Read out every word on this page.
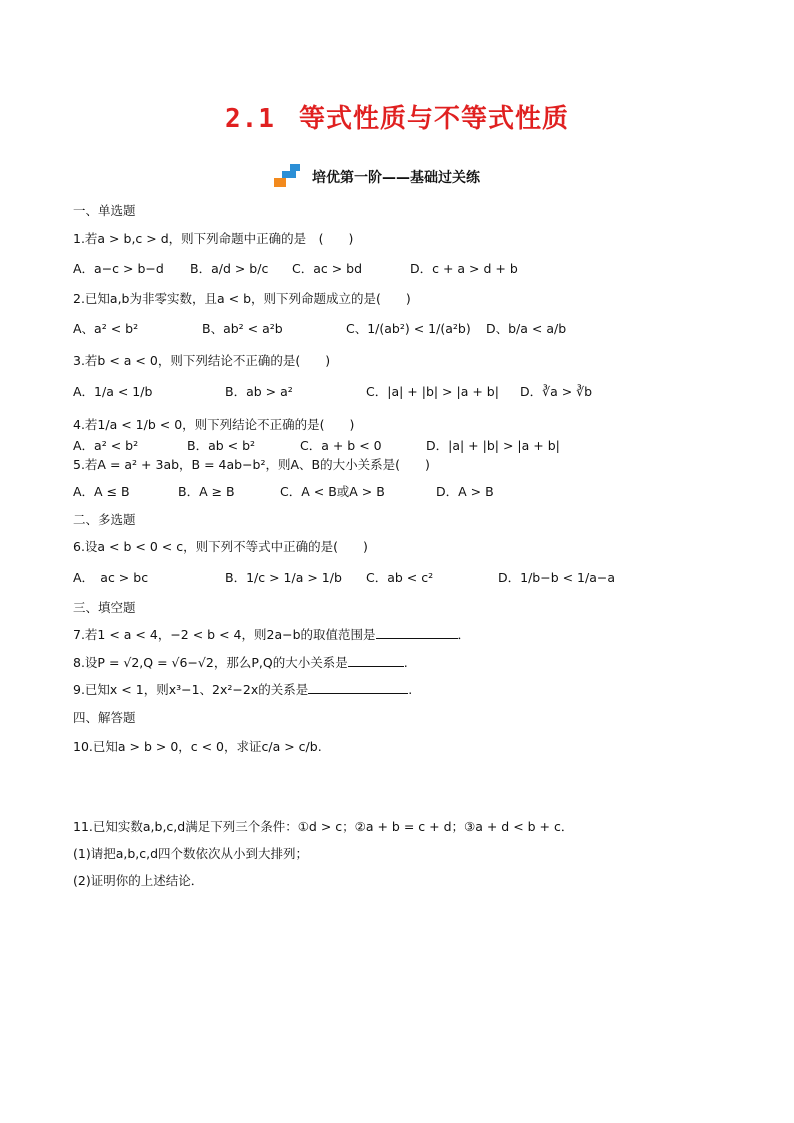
2.1 等式性质与不等式性质
培优第一阶——基础过关练
一、单选题
1.若a > b,c > d，则下列命题中正确的是　(　　)
A．a−c > b−d B．a/d > b/c C．ac > bd	D．c + a > d + b
2.已知a,b为非零实数，且a < b，则下列命题成立的是(　　)
A、a² < b²	B、ab² < a²b	C、1/(ab²) < 1/(a²b) D、b/a < a/b
3.若b < a < 0，则下列结论不正确的是(　　)
A．1/a < 1/b	B．ab > a²	C．|a| + |b| > |a + b| D．∛a > ∛b
4.若1/a < 1/b < 0，则下列结论不正确的是(　　)
A．a² < b²	B．ab < b²	C．a + b < 0	D．|a| + |b| > |a + b|
5.若A = a² + 3ab，B = 4ab−b²，则A、B的大小关系是(　　)
A．A ≤ B	B．A ≥ B	C．A < B或A > B	D．A > B
二、多选题
6.设a < b < 0 < c，则下列不等式中正确的是(　　)
A．　ac > bc	B．1/c > 1/a > 1/b C．ab < c²	D．1/b−b < 1/a−a
三、填空题
7.若1 < a < 4，−2 < b < 4，则2a−b的取值范围是	．
8.设P = √2,Q = √6−√2，那么P,Q的大小关系是	.
9.已知x < 1，则x³−1、2x²−2x的关系是	.
四、解答题
10.已知a > b > 0，c < 0，求证c/a > c/b.
11.已知实数a,b,c,d满足下列三个条件：①d > c；②a + b = c + d；③a + d < b + c．
(1)请把a,b,c,d四个数依次从小到大排列；
(2)证明你的上述结论．
